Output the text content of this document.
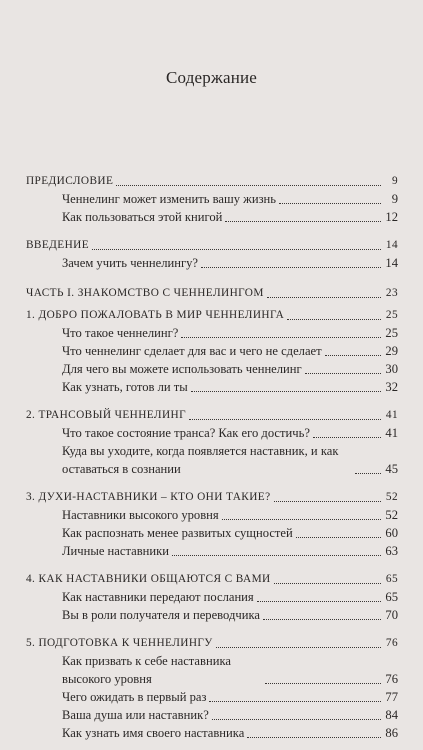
Содержание
ПРЕДИСЛОВИЕ	9
Ченнелинг может изменить вашу жизнь	9
Как пользоваться этой книгой	12
ВВЕДЕНИЕ	14
Зачем учить ченнелингу?	14
ЧАСТЬ I. ЗНАКОМСТВО С ЧЕННЕЛИНГОМ	23
1. ДОБРО ПОЖАЛОВАТЬ В МИР ЧЕННЕЛИНГА	25
Что такое ченнелинг?	25
Что ченнелинг сделает для вас и чего не сделает	29
Для чего вы можете использовать ченнелинг	30
Как узнать, готов ли ты	32
2. ТРАНСОВЫЙ ЧЕННЕЛИНГ	41
Что такое состояние транса? Как его достичь?	41
Куда вы уходите, когда появляется наставник, и как оставаться в сознании	45
3. ДУХИ-НАСТАВНИКИ – КТО ОНИ ТАКИЕ?	52
Наставники высокого уровня	52
Как распознать менее развитых сущностей	60
Личные наставники	63
4. КАК НАСТАВНИКИ ОБЩАЮТСЯ С ВАМИ	65
Как наставники передают послания	65
Вы в роли получателя и переводчика	70
5. ПОДГОТОВКА К ЧЕННЕЛИНГУ	76
Как призвать к себе наставника высокого уровня	76
Чего ожидать в первый раз	77
Ваша душа или наставник?	84
Как узнать имя своего наставника	86
